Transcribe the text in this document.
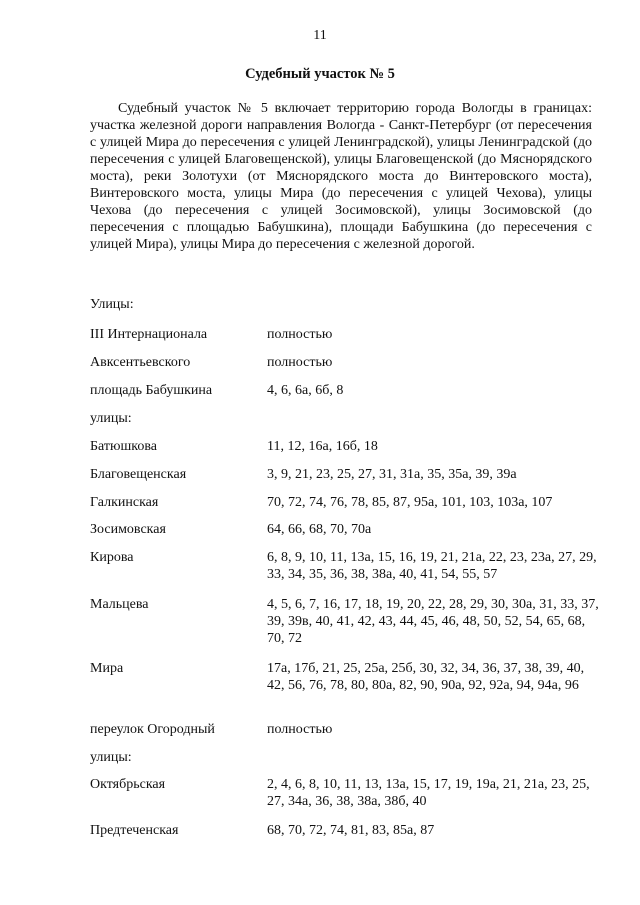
11
Судебный участок № 5

Судебный участок № 5 включает территорию города Вологды в границах: участка железной дороги направления Вологда - Санкт-Петербург (от пересечения с улицей Мира до пересечения с улицей Ленинградской), улицы Ленинградской (до пересечения с улицей Благовещенской), улицы Благовещенской (до Мяснорядского моста), реки Золотухи (от Мяснорядского моста до Винтеровского моста), Винтеровского моста, улицы Мира (до пересечения с улицей Чехова), улицы Чехова (до пересечения с улицей Зосимовской), улицы Зосимовской (до пересечения с площадью Бабушкина), площади Бабушкина (до пересечения с улицей Мира), улицы Мира до пересечения с железной дорогой.

Улицы:
III Интернационала	полностью
Авксентьевского	полностью
площадь Бабушкина	4, 6, 6а, 6б, 8
улицы:
Батюшкова	11, 12, 16а, 16б, 18
Благовещенская	3, 9, 21, 23, 25, 27, 31, 31а, 35, 35а, 39, 39а
Галкинская	70, 72, 74, 76, 78, 85, 87, 95а, 101, 103, 103а, 107
Зосимовская	64, 66, 68, 70, 70а
Кирова	6, 8, 9, 10, 11, 13а, 15, 16, 19, 21, 21а, 22, 23, 23а, 27, 29, 33, 34, 35, 36, 38, 38а, 40, 41, 54, 55, 57
Мальцева	4, 5, 6, 7, 16, 17, 18, 19, 20, 22, 28, 29, 30, 30а, 31, 33, 37, 39, 39в, 40, 41, 42, 43, 44, 45, 46, 48, 50, 52, 54, 65, 68, 70, 72
Мира	17а, 17б, 21, 25, 25а, 25б, 30, 32, 34, 36, 37, 38, 39, 40, 42, 56, 76, 78, 80, 80а, 82, 90, 90а, 92, 92а, 94, 94а, 96
переулок Огородный	полностью
улицы:
Октябрьская	2, 4, 6, 8, 10, 11, 13, 13а, 15, 17, 19, 19а, 21, 21а, 23, 25, 27, 34а, 36, 38, 38а, 38б, 40
Предтеченская	68, 70, 72, 74, 81, 83, 85а, 87
